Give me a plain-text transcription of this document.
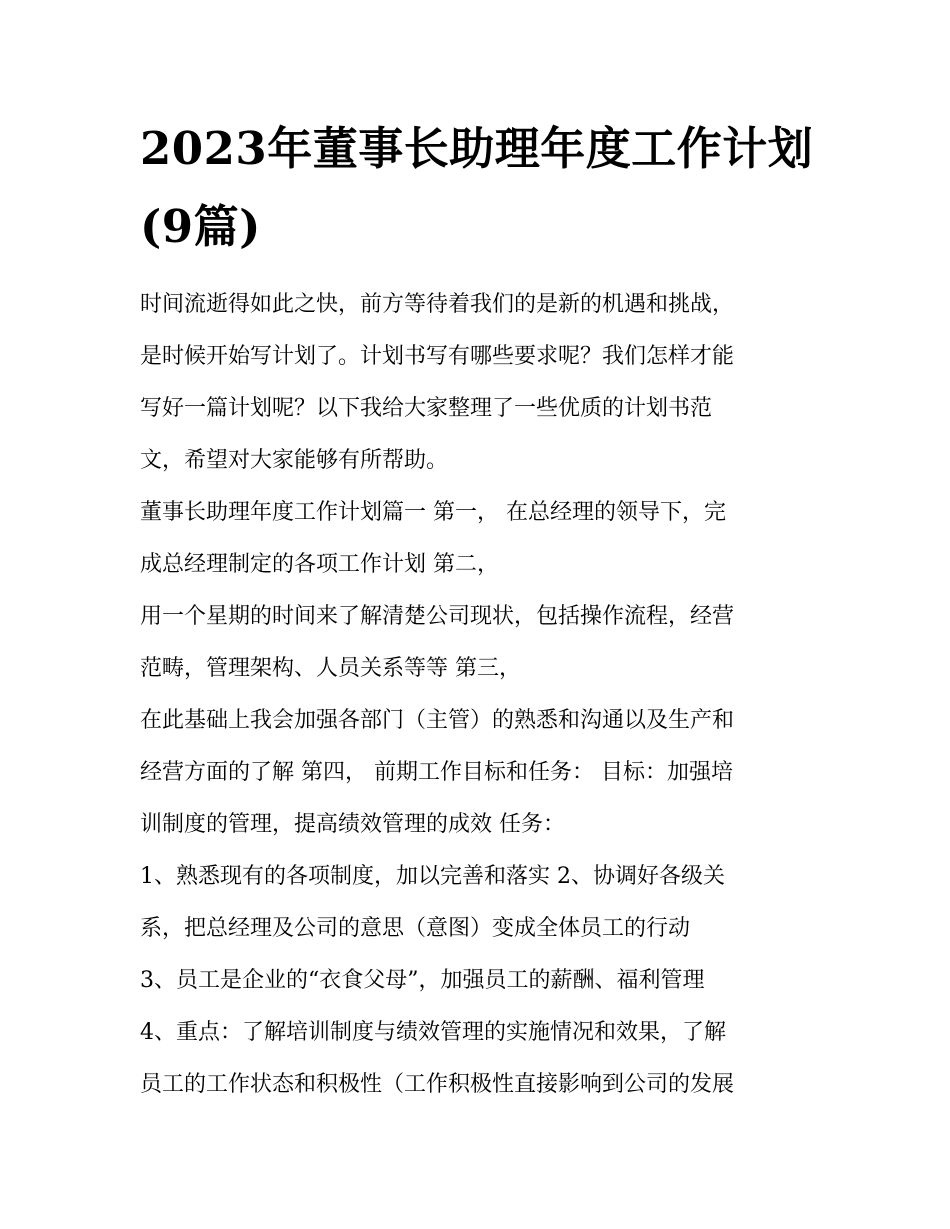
2023年董事长助理年度工作计划(9篇)
时间流逝得如此之快，前方等待着我们的是新的机遇和挑战，
是时候开始写计划了。计划书写有哪些要求呢？我们怎样才能
写好一篇计划呢？以下我给大家整理了一些优质的计划书范
文，希望对大家能够有所帮助。
董事长助理年度工作计划篇一 第一， 在总经理的领导下，完
成总经理制定的各项工作计划 第二，
用一个星期的时间来了解清楚公司现状，包括操作流程，经营
范畴，管理架构、人员关系等等 第三，
在此基础上我会加强各部门（主管）的熟悉和沟通以及生产和
经营方面的了解 第四， 前期工作目标和任务： 目标：加强培
训制度的管理，提高绩效管理的成效 任务：
1、熟悉现有的各项制度，加以完善和落实 2、协调好各级关
系，把总经理及公司的意思（意图）变成全体员工的行动
3、员工是企业的“衣食父母”，加强员工的薪酬、福利管理
4、重点：了解培训制度与绩效管理的实施情况和效果，了解
员工的工作状态和积极性（工作积极性直接影响到公司的发展
